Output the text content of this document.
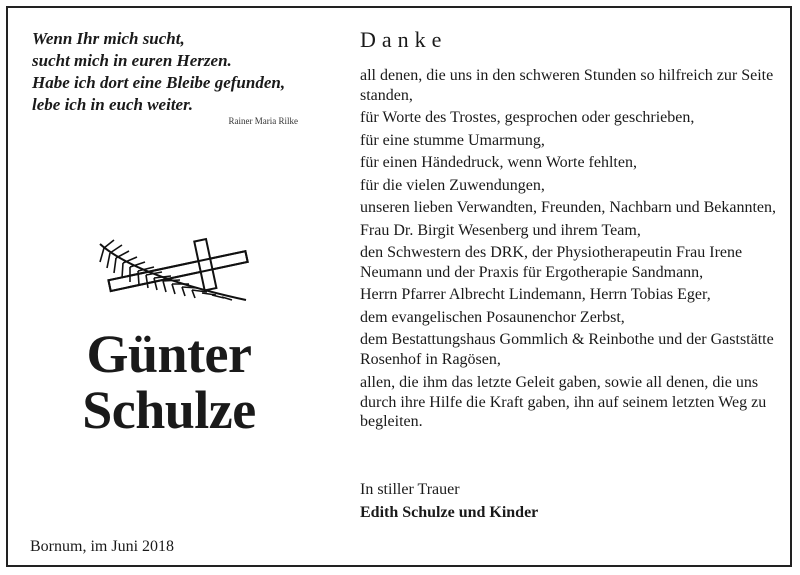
Wenn Ihr mich sucht,
sucht mich in euren Herzen.
Habe ich dort eine Bleibe gefunden,
lebe ich in euch weiter.
Rainer Maria Rilke
Günter
Schulze
Bornum, im Juni 2018
Danke

all denen, die uns in den schweren Stunden so hilfreich zur Seite standen,

für Worte des Trostes, gesprochen oder geschrieben,

für eine stumme Umarmung,

für einen Händedruck, wenn Worte fehlten,

für die vielen Zuwendungen,

unseren lieben Verwandten, Freunden, Nachbarn und Bekannten,

Frau Dr. Birgit Wesenberg und ihrem Team,

den Schwestern des DRK, der Physiotherapeutin Frau Irene Neumann und der Praxis für Ergotherapie Sandmann,

Herrn Pfarrer Albrecht Lindemann, Herrn Tobias Eger,

dem evangelischen Posaunenchor Zerbst,

dem Bestattungshaus Gommlich & Reinbothe und der Gaststätte Rosenhof in Ragösen,

allen, die ihm das letzte Geleit gaben, sowie all denen, die uns durch ihre Hilfe die Kraft gaben, ihn auf seinem letzten Weg zu begleiten.

In stiller Trauer
Edith Schulze und Kinder
